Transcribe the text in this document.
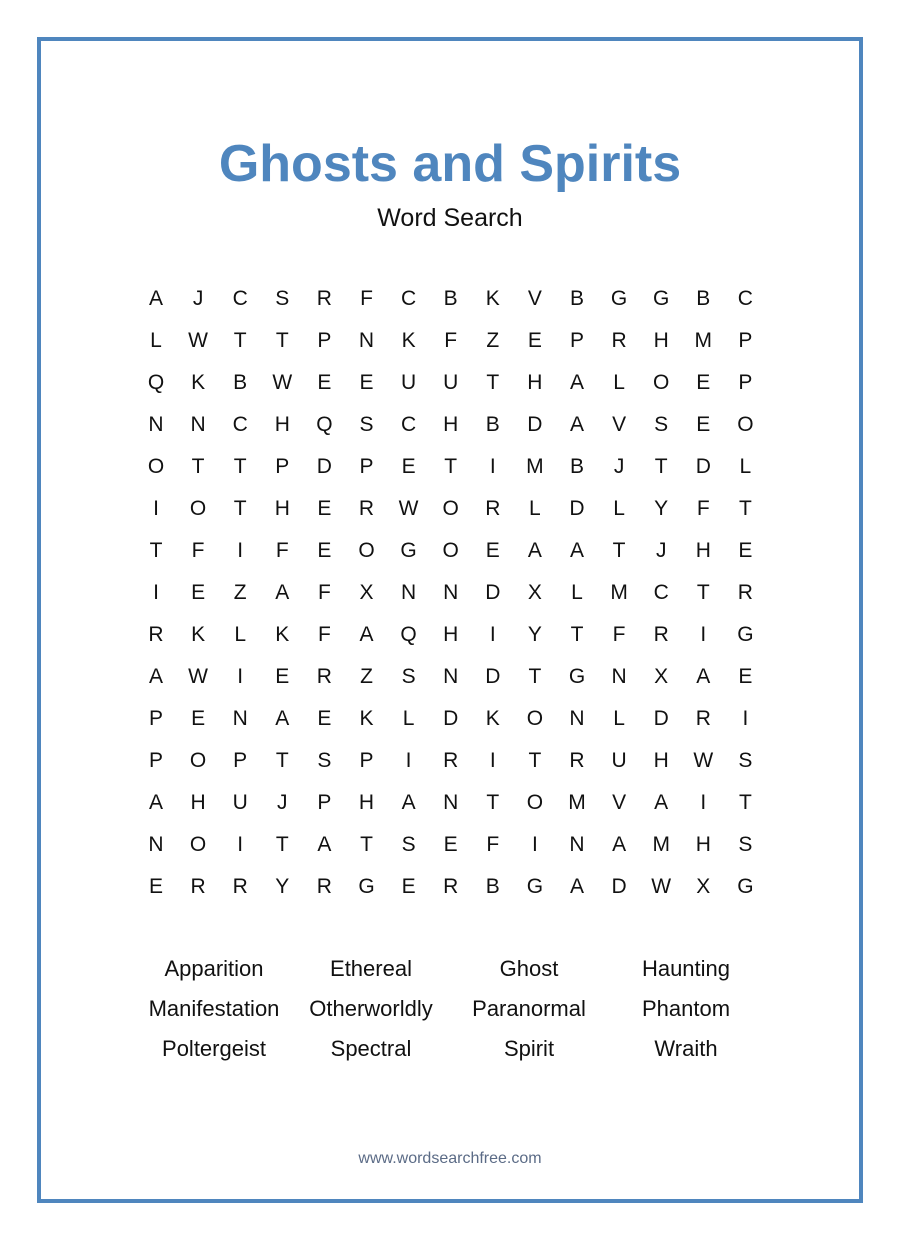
Ghosts and Spirits
Word Search
A	J	C	S	R	F	C	B	K	V	B	G	G	B	C
L	W	T	T	P	N	K	F	Z	E	P	R	H	M	P
Q	K	B	W	E	E	U	U	T	H	A	L	O	E	P
N	N	C	H	Q	S	C	H	B	D	A	V	S	E	O
O	T	T	P	D	P	E	T	I	M	B	J	T	D	L
I	O	T	H	E	R	W	O	R	L	D	L	Y	F	T
T	F	I	F	E	O	G	O	E	A	A	T	J	H	E
I	E	Z	A	F	X	N	N	D	X	L	M	C	T	R
R	K	L	K	F	A	Q	H	I	Y	T	F	R	I	G
A	W	I	E	R	Z	S	N	D	T	G	N	X	A	E
P	E	N	A	E	K	L	D	K	O	N	L	D	R	I
P	O	P	T	S	P	I	R	I	T	R	U	H	W	S
A	H	U	J	P	H	A	N	T	O	M	V	A	I	T
N	O	I	T	A	T	S	E	F	I	N	A	M	H	S
E	R	R	Y	R	G	E	R	B	G	A	D	W	X	G
Apparition	Ethereal	Ghost	Haunting
Manifestation	Otherworldly	Paranormal	Phantom
Poltergeist	Spectral	Spirit	Wraith
www.wordsearchfree.com
